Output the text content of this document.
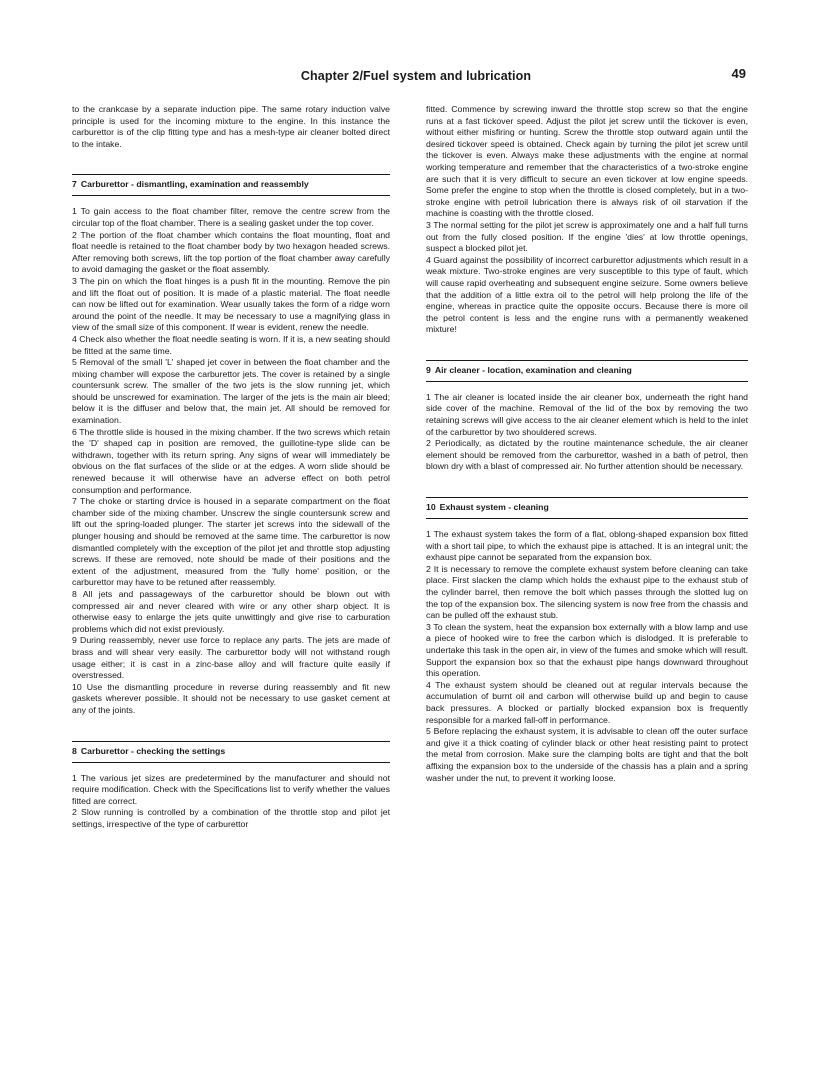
Chapter 2/Fuel system and lubrication	49

to the crankcase by a separate induction pipe. The same rotary induction valve principle is used for the incoming mixture to the engine. In this instance the carburettor is of the clip fitting type and has a mesh-type air cleaner bolted direct to the intake.

7 Carburettor - dismantling, examination and reassembly

1 To gain access to the float chamber filter, remove the centre screw from the circular top of the float chamber. There is a sealing gasket under the top cover.

2 The portion of the float chamber which contains the float mounting, float and float needle is retained to the float chamber body by two hexagon headed screws. After removing both screws, lift the top portion of the float chamber away carefully to avoid damaging the gasket or the float assembly.

3 The pin on which the float hinges is a push fit in the mounting. Remove the pin and lift the float out of position. It is made of a plastic material. The float needle can now be lifted out for examination. Wear usually takes the form of a ridge worn around the point of the needle. It may be necessary to use a magnifying glass in view of the small size of this component. If wear is evident, renew the needle.

4 Check also whether the float needle seating is worn. If it is, a new seating should be fitted at the same time.

5 Removal of the small 'L' shaped jet cover in between the float chamber and the mixing chamber will expose the carburettor jets. The cover is retained by a single countersunk screw. The smaller of the two jets is the slow running jet, which should be unscrewed for examination. The larger of the jets is the main air bleed; below it is the diffuser and below that, the main jet. All should be removed for examination.

6 The throttle slide is housed in the mixing chamber. If the two screws which retain the 'D' shaped cap in position are removed, the guillotine-type slide can be withdrawn, together with its return spring. Any signs of wear will immediately be obvious on the flat surfaces of the slide or at the edges. A worn slide should be renewed because it will otherwise have an adverse effect on both petrol consumption and performance.

7 The choke or starting drvice is housed in a separate compartment on the float chamber side of the mixing chamber. Unscrew the single countersunk screw and lift out the spring-loaded plunger. The starter jet screws into the sidewall of the plunger housing and should be removed at the same time. The carburettor is now dismantled completely with the exception of the pilot jet and throttle stop adjusting screws. If these are removed, note should be made of their positions and the extent of the adjustment, measured from the 'fully home' position, or the carburettor may have to be retuned after reassembly.

8 All jets and passageways of the carburettor should be blown out with compressed air and never cleared with wire or any other sharp object. It is otherwise easy to enlarge the jets quite unwittingly and give rise to carburation problems which did not exist previously.

9 During reassembly, never use force to replace any parts. The jets are made of brass and will shear very easily. The carburettor body will not withstand rough usage either; it is cast in a zinc-base alloy and will fracture quite easily if overstressed.

10 Use the dismantling procedure in reverse during reassembly and fit new gaskets wherever possible. It should not be necessary to use gasket cement at any of the joints.

8 Carburettor - checking the settings

1 The various jet sizes are predetermined by the manufacturer and should not require modification. Check with the Specifications list to verify whether the values fitted are correct.

2 Slow running is controlled by a combination of the throttle stop and pilot jet settings, irrespective of the type of carburettor

fitted. Commence by screwing inward the throttle stop screw so that the engine runs at a fast tickover speed. Adjust the pilot jet screw until the tickover is even, without either misfiring or hunting. Screw the throttle stop outward again until the desired tickover speed is obtained. Check again by turning the pilot jet screw until the tickover is even. Always make these adjustments with the engine at normal working temperature and remember that the characteristics of a two-stroke engine are such that it is very difficult to secure an even tickover at low engine speeds. Some prefer the engine to stop when the throttle is closed completely, but in a two-stroke engine with petroil lubrication there is always risk of oil starvation if the machine is coasting with the throttle closed.

3 The normal setting for the pilot jet screw is approximately one and a half full turns out from the fully closed position. If the engine 'dies' at low throttle openings, suspect a blocked pilot jet.

4 Guard against the possibility of incorrect carburettor adjustments which result in a weak mixture. Two-stroke engines are very susceptible to this type of fault, which will cause rapid overheating and subsequent engine seizure. Some owners believe that the addition of a little extra oil to the petrol will help prolong the life of the engine, whereas in practice quite the opposite occurs. Because there is more oil the petrol content is less and the engine runs with a permanently weakened mixture!

9 Air cleaner - location, examination and cleaning

1 The air cleaner is located inside the air cleaner box, underneath the right hand side cover of the machine. Removal of the lid of the box by removing the two retaining screws will give access to the air cleaner element which is held to the inlet of the carburettor by two shouldered screws.

2 Periodically, as dictated by the routine maintenance schedule, the air cleaner element should be removed from the carburettor, washed in a bath of petrol, then blown dry with a blast of compressed air. No further attention should be necessary.

10 Exhaust system - cleaning

1 The exhaust system takes the form of a flat, oblong-shaped expansion box fitted with a short tail pipe, to which the exhaust pipe is attached. It is an integral unit; the exhaust pipe cannot be separated from the expansion box.

2 It is necessary to remove the complete exhaust system before cleaning can take place. First slacken the clamp which holds the exhaust pipe to the exhaust stub of the cylinder barrel, then remove the bolt which passes through the slotted lug on the top of the expansion box. The silencing system is now free from the chassis and can be pulled off the exhaust stub.

3 To clean the system, heat the expansion box externally with a blow lamp and use a piece of hooked wire to free the carbon which is dislodged. It is preferable to undertake this task in the open air, in view of the fumes and smoke which will result. Support the expansion box so that the exhaust pipe hangs downward throughout this operation.

4 The exhaust system should be cleaned out at regular intervals because the accumulation of burnt oil and carbon will otherwise build up and begin to cause back pressures. A blocked or partially blocked expansion box is frequently responsible for a marked fall-off in performance.

5 Before replacing the exhaust system, it is advisable to clean off the outer surface and give it a thick coating of cylinder black or other heat resisting paint to protect the metal from corrosion. Make sure the clamping bolts are tight and that the bolt affixing the expansion box to the underside of the chassis has a plain and a spring washer under the nut, to prevent it working loose.
